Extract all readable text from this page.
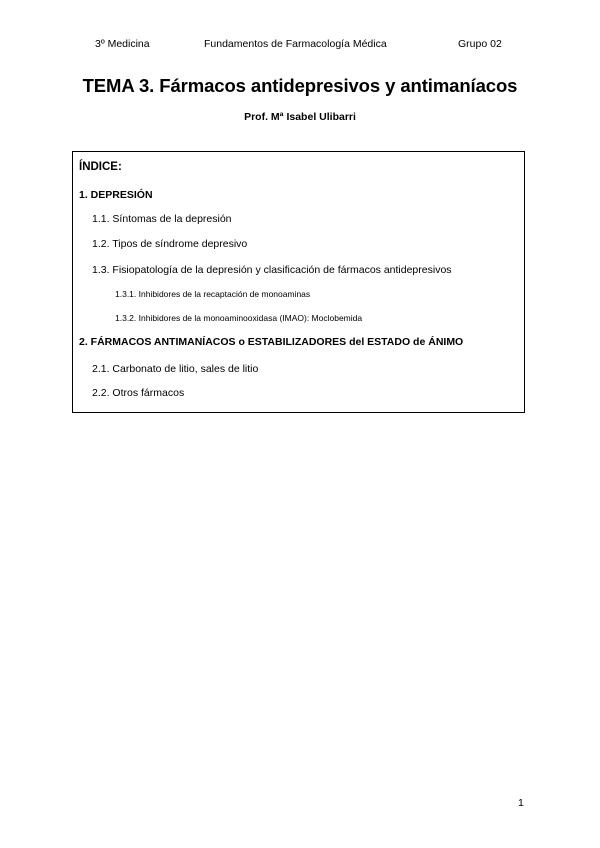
3º Medicina	Fundamentos de Farmacología Médica	Grupo 02
TEMA 3. Fármacos antidepresivos y antimaníacos
Prof. Mª Isabel Ulibarri
ÍNDICE:
1. DEPRESIÓN
1.1. Síntomas de la depresión
1.2. Tipos de síndrome depresivo
1.3. Fisiopatología de la depresión y clasificación de fármacos antidepresivos
1.3.1. Inhibidores de la recaptación de monoaminas
1.3.2. Inhibidores de la monoaminooxidasa (IMAO): Moclobemida
2. FÁRMACOS ANTIMANÍACOS o ESTABILIZADORES del ESTADO de ÁNIMO
2.1. Carbonato de litio, sales de litio
2.2. Otros fármacos
1
